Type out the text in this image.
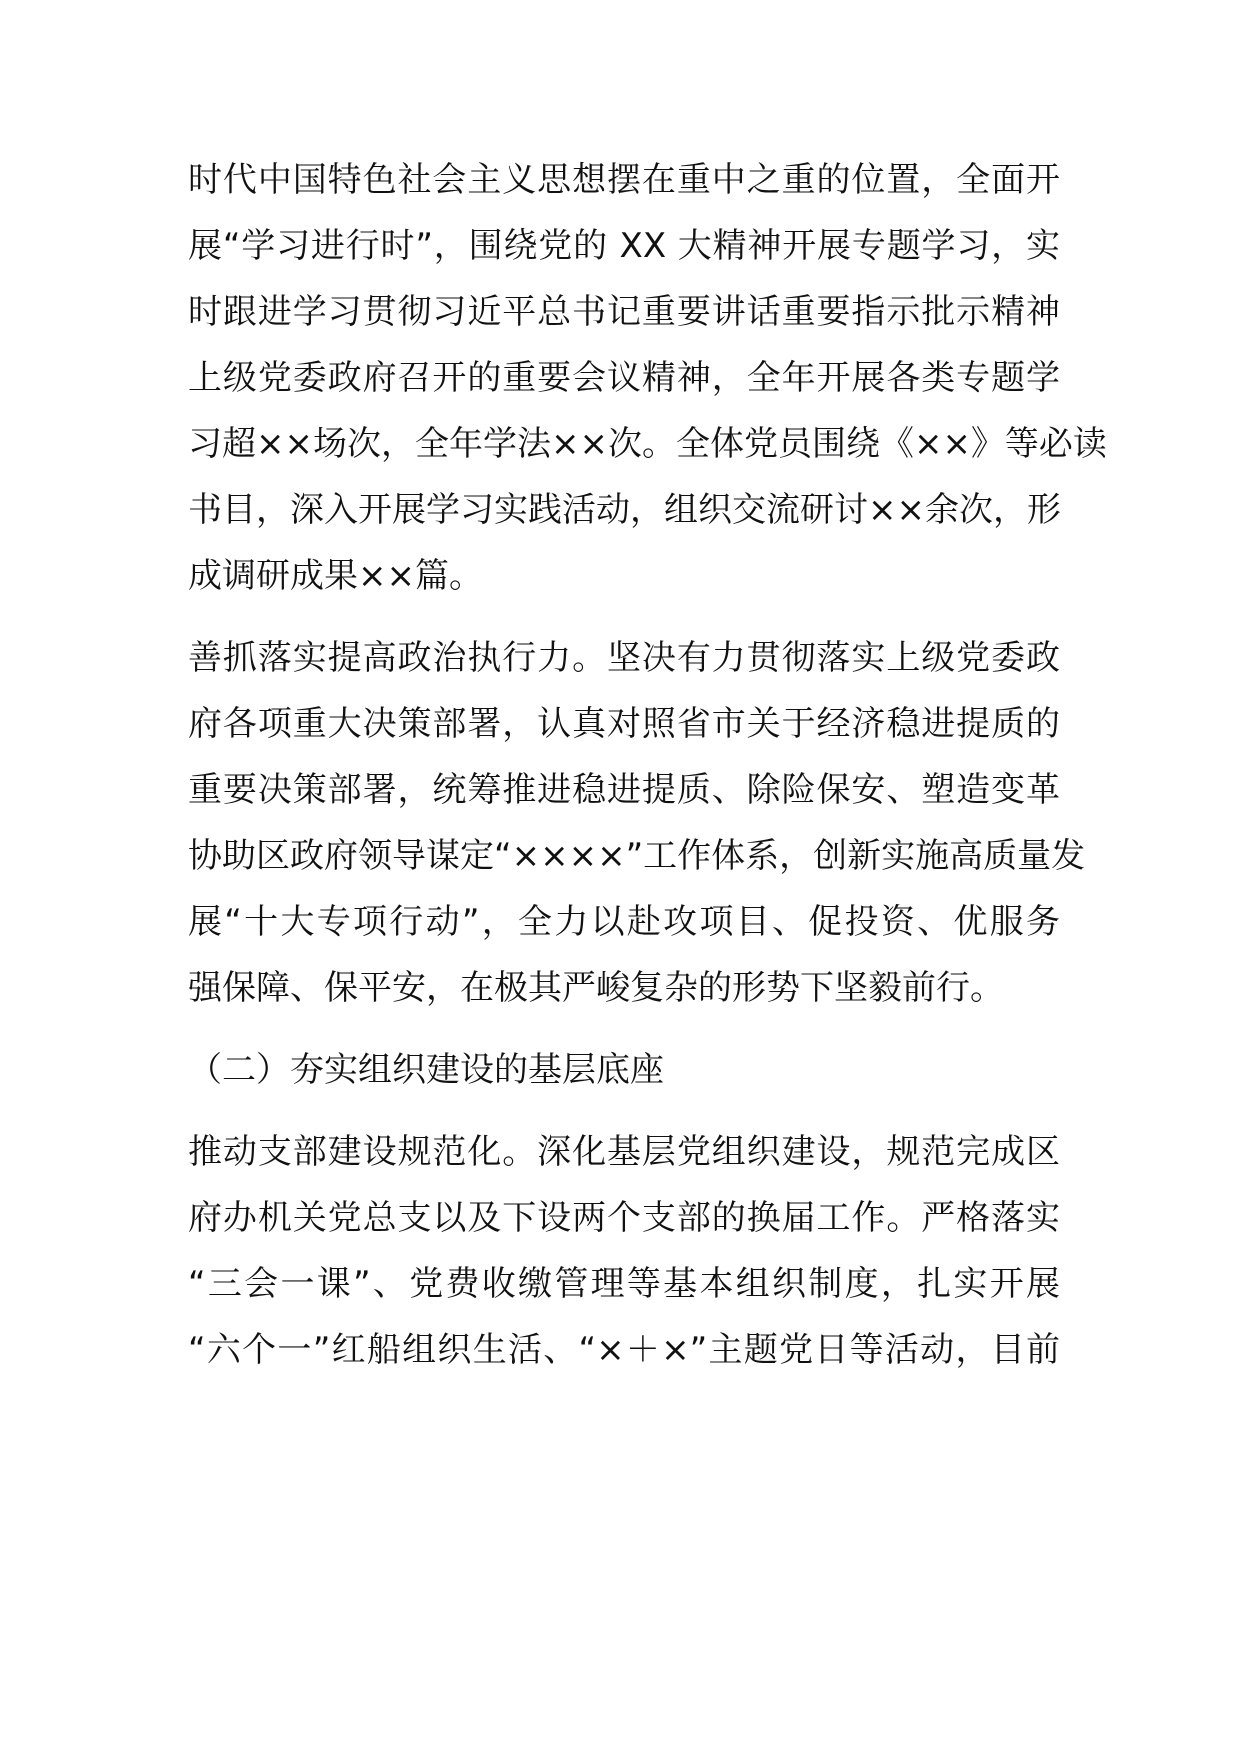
时代中国特色社会主义思想摆在重中之重的位置，全面开
展“学习进行时”，围绕党的 XX 大精神开展专题学习，实
时跟进学习贯彻习近平总书记重要讲话重要指示批示精神
上级党委政府召开的重要会议精神，全年开展各类专题学
习超××场次，全年学法××次。全体党员围绕《××》等必读
书目，深入开展学习实践活动，组织交流研讨××余次，形
成调研成果××篇。
善抓落实提高政治执行力。坚决有力贯彻落实上级党委政
府各项重大决策部署，认真对照省市关于经济稳进提质的
重要决策部署，统筹推进稳进提质、除险保安、塑造变革
协助区政府领导谋定“××××”工作体系，创新实施高质量发
展“十大专项行动”，全力以赴攻项目、促投资、优服务
强保障、保平安，在极其严峻复杂的形势下坚毅前行。
（二）夯实组织建设的基层底座
推动支部建设规范化。深化基层党组织建设，规范完成区
府办机关党总支以及下设两个支部的换届工作。严格落实
“三会一课”、党费收缴管理等基本组织制度，扎实开展
“六个一”红船组织生活、“×＋×”主题党日等活动，目前
